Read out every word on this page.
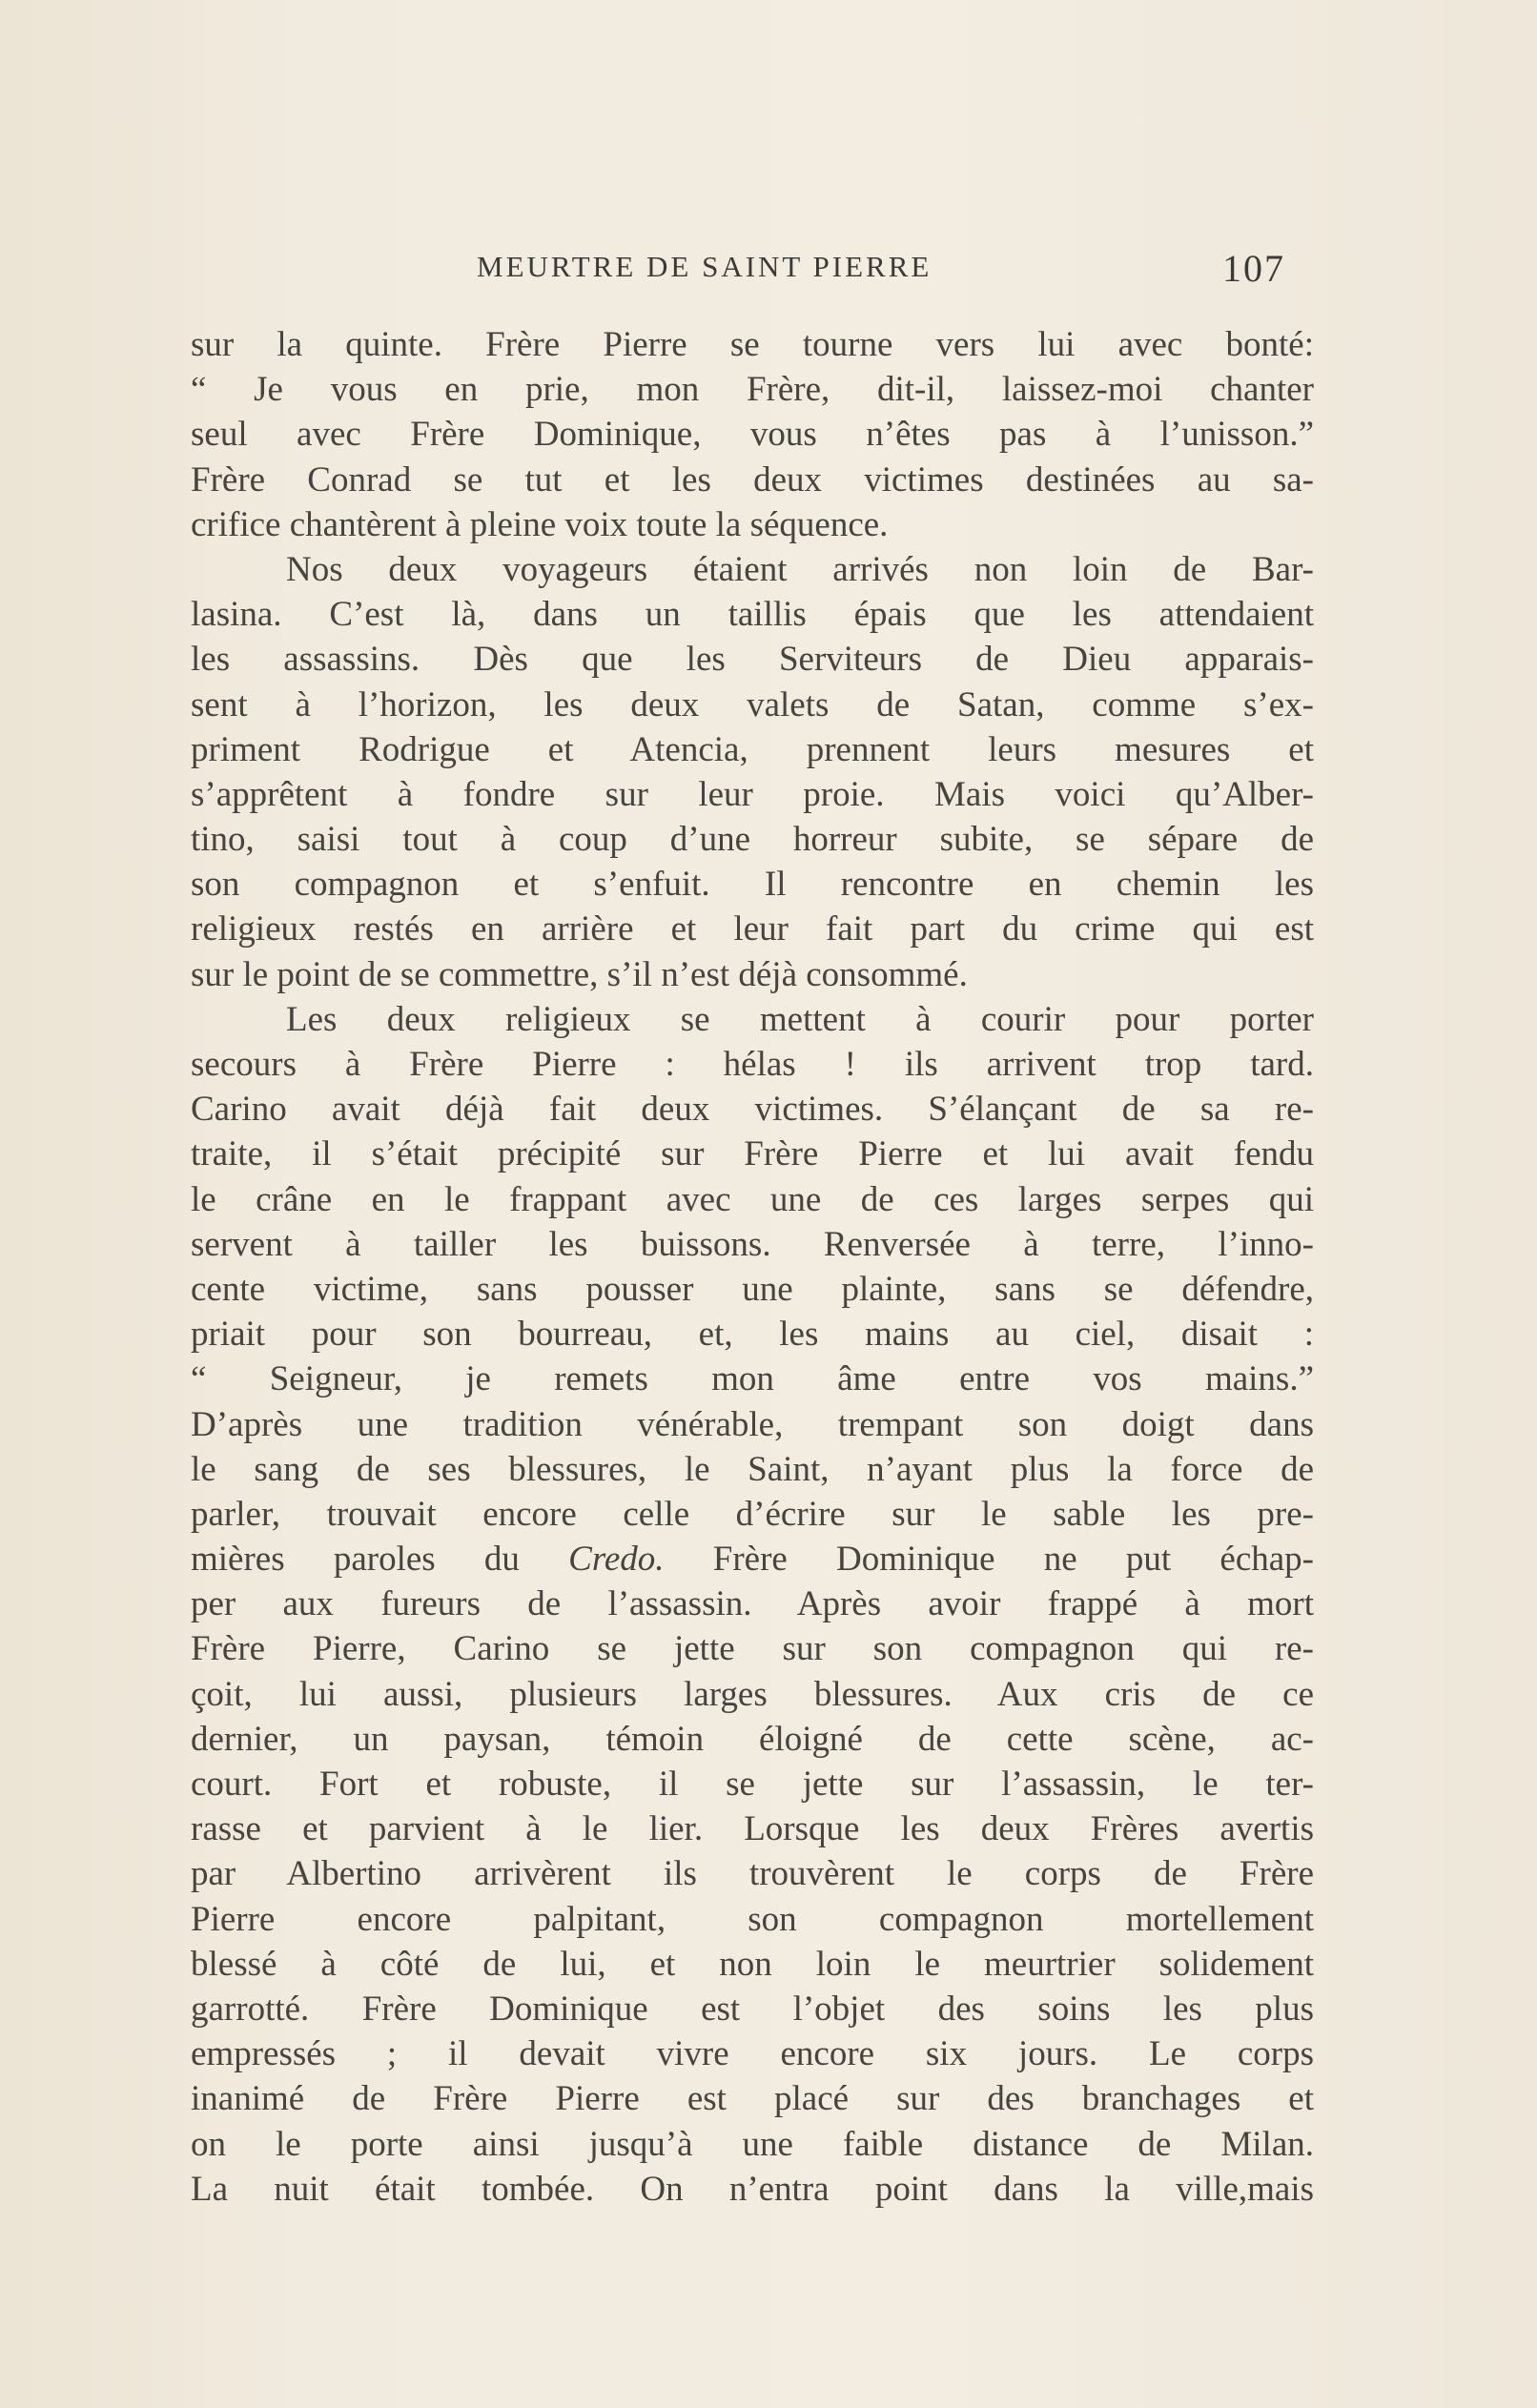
MEURTRE DE SAINT PIERRE	107
sur la quinte. Frère Pierre se tourne vers lui avec bonté:
“ Je vous en prie, mon Frère, dit-il, laissez-moi chanter
seul avec Frère Dominique, vous n’êtes pas à l’unisson.”
Frère Conrad se tut et les deux victimes destinées au sa-
crifice chantèrent à pleine voix toute la séquence.
Nos deux voyageurs étaient arrivés non loin de Bar-
lasina. C’est là, dans un taillis épais que les attendaient
les assassins. Dès que les Serviteurs de Dieu apparais-
sent à l’horizon, les deux valets de Satan, comme s’ex-
priment Rodrigue et Atencia, prennent leurs mesures et
s’apprêtent à fondre sur leur proie. Mais voici qu’Alber-
tino, saisi tout à coup d’une horreur subite, se sépare de
son compagnon et s’enfuit. Il rencontre en chemin les
religieux restés en arrière et leur fait part du crime qui est
sur le point de se commettre, s’il n’est déjà consommé.
Les deux religieux se mettent à courir pour porter
secours à Frère Pierre : hélas ! ils arrivent trop tard.
Carino avait déjà fait deux victimes. S’élançant de sa re-
traite, il s’était précipité sur Frère Pierre et lui avait fendu
le crâne en le frappant avec une de ces larges serpes qui
servent à tailler les buissons. Renversée à terre, l’inno-
cente victime, sans pousser une plainte, sans se défendre,
priait pour son bourreau, et, les mains au ciel, disait :
“ Seigneur, je remets mon âme entre vos mains.”
D’après une tradition vénérable, trempant son doigt dans
le sang de ses blessures, le Saint, n’ayant plus la force de
parler, trouvait encore celle d’écrire sur le sable les pre-
mières paroles du Credo. Frère Dominique ne put échap-
per aux fureurs de l’assassin. Après avoir frappé à mort
Frère Pierre, Carino se jette sur son compagnon qui re-
çoit, lui aussi, plusieurs larges blessures. Aux cris de ce
dernier, un paysan, témoin éloigné de cette scène, ac-
court. Fort et robuste, il se jette sur l’assassin, le ter-
rasse et parvient à le lier. Lorsque les deux Frères avertis
par Albertino arrivèrent ils trouvèrent le corps de Frère
Pierre encore palpitant, son compagnon mortellement
blessé à côté de lui, et non loin le meurtrier solidement
garrotté. Frère Dominique est l’objet des soins les plus
empressés ; il devait vivre encore six jours. Le corps
inanimé de Frère Pierre est placé sur des branchages et
on le porte ainsi jusqu’à une faible distance de Milan.
La nuit était tombée. On n’entra point dans la ville,mais
